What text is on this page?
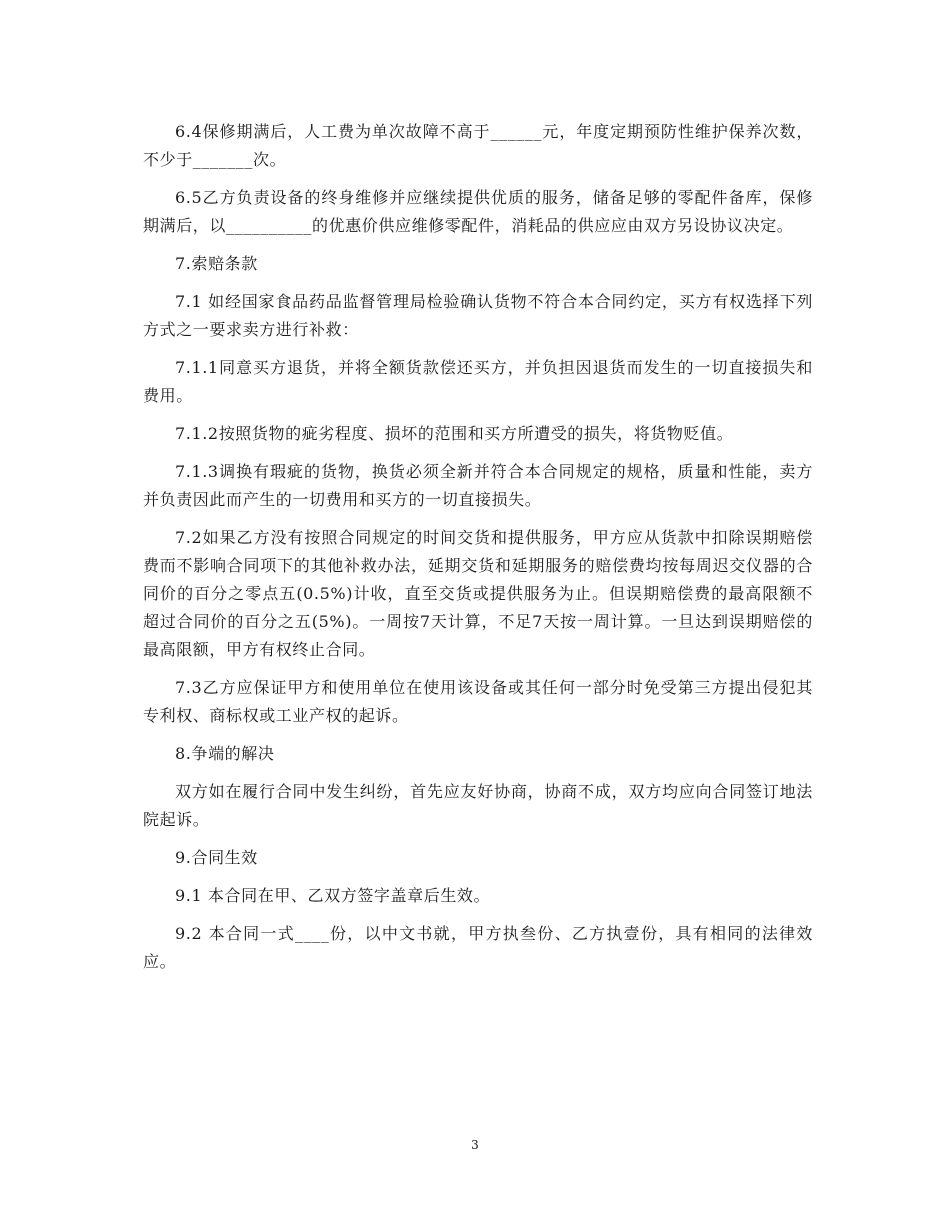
6.4保修期满后，人工费为单次故障不高于______元，年度定期预防性维护保养次数，不少于_______次。

6.5乙方负责设备的终身维修并应继续提供优质的服务，储备足够的零配件备库，保修期满后，以__________的优惠价供应维修零配件，消耗品的供应应由双方另设协议决定。

7.索赔条款

7.1 如经国家食品药品监督管理局检验确认货物不符合本合同约定，买方有权选择下列方式之一要求卖方进行补救：

7.1.1同意买方退货，并将全额货款偿还买方，并负担因退货而发生的一切直接损失和费用。

7.1.2按照货物的疵劣程度、损坏的范围和买方所遭受的损失，将货物贬值。

7.1.3调换有瑕疵的货物，换货必须全新并符合本合同规定的规格，质量和性能，卖方并负责因此而产生的一切费用和买方的一切直接损失。

7.2如果乙方没有按照合同规定的时间交货和提供服务，甲方应从货款中扣除误期赔偿费而不影响合同项下的其他补救办法，延期交货和延期服务的赔偿费均按每周迟交仪器的合同价的百分之零点五(0.5%)计收，直至交货或提供服务为止。但误期赔偿费的最高限额不超过合同价的百分之五(5%)。一周按7天计算，不足7天按一周计算。一旦达到误期赔偿的最高限额，甲方有权终止合同。

7.3乙方应保证甲方和使用单位在使用该设备或其任何一部分时免受第三方提出侵犯其专利权、商标权或工业产权的起诉。

8.争端的解决

双方如在履行合同中发生纠纷，首先应友好协商，协商不成，双方均应向合同签订地法院起诉。

9.合同生效

9.1 本合同在甲、乙双方签字盖章后生效。

9.2 本合同一式____份，以中文书就，甲方执叁份、乙方执壹份，具有相同的法律效应。

3
